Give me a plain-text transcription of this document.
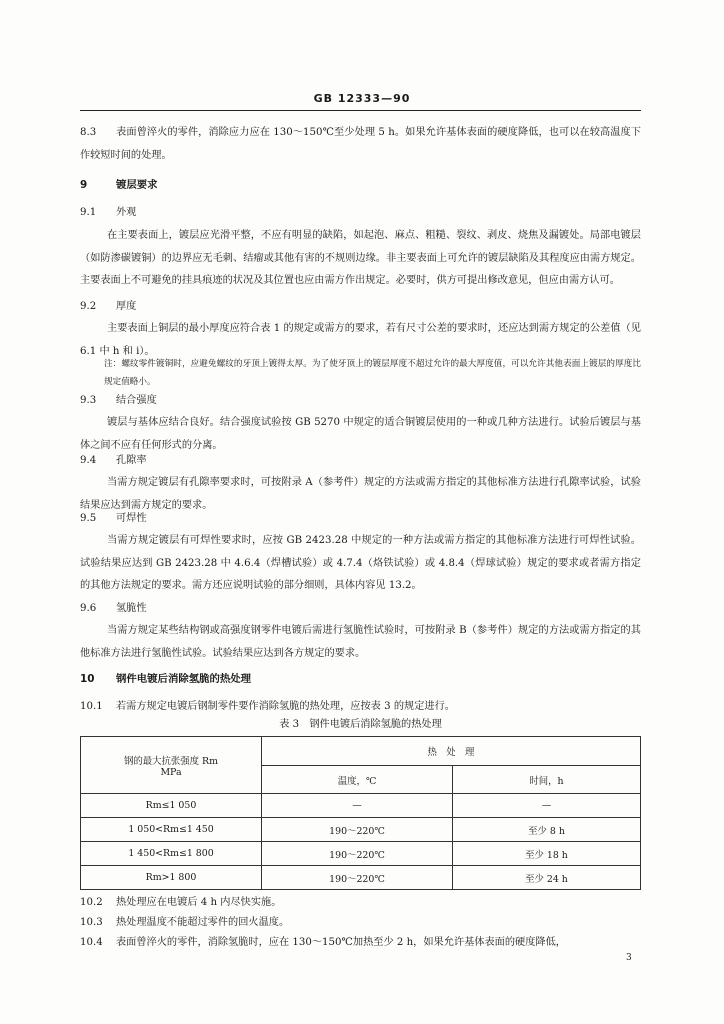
GB 12333—90
8.3 表面曾淬火的零件，消除应力应在 130～150℃至少处理 5 h。如果允许基体表面的硬度降低，也可以在较高温度下作较短时间的处理。
9	镀层要求
9.1 外观
在主要表面上，镀层应光滑平整，不应有明显的缺陷，如起泡、麻点、粗糙、裂纹、剥皮、烧焦及漏镀处。局部电镀层（如防渗碳镀铜）的边界应无毛刺、结瘤或其他有害的不规则边缘。非主要表面上可允许的镀层缺陷及其程度应由需方规定。主要表面上不可避免的挂具痕迹的状况及其位置也应由需方作出规定。必要时，供方可提出修改意见，但应由需方认可。
9.2 厚度
主要表面上铜层的最小厚度应符合表 1 的规定或需方的要求，若有尺寸公差的要求时，还应达到需方规定的公差值（见 6.1 中 h 和 i）。
注：螺纹零件镀铜时，应避免螺纹的牙顶上镀得太厚。为了使牙顶上的镀层厚度不超过允许的最大厚度值，可以允许其他表面上镀层的厚度比规定值略小。
9.3 结合强度
镀层与基体应结合良好。结合强度试验按 GB 5270 中规定的适合铜镀层使用的一种或几种方法进行。试验后镀层与基体之间不应有任何形式的分离。
9.4 孔隙率
当需方规定镀层有孔隙率要求时，可按附录 A（参考件）规定的方法或需方指定的其他标准方法进行孔隙率试验，试验结果应达到需方规定的要求。
9.5 可焊性
当需方规定镀层有可焊性要求时，应按 GB 2423.28 中规定的一种方法或需方指定的其他标准方法进行可焊性试验。试验结果应达到 GB 2423.28 中 4.6.4（焊槽试验）或 4.7.4（烙铁试验）或 4.8.4（焊球试验）规定的要求或者需方指定的其他方法规定的要求。需方还应说明试验的部分细则，具体内容见 13.2。
9.6 氢脆性
当需方规定某些结构钢或高强度钢零件电镀后需进行氢脆性试验时，可按附录 B（参考件）规定的方法或需方指定的其他标准方法进行氢脆性试验。试验结果应达到各方规定的要求。
10 钢件电镀后消除氢脆的热处理
10.1 若需方规定电镀后钢制零件要作消除氢脆的热处理，应按表 3 的规定进行。
表 3　钢件电镀后消除氢脆的热处理
钢的最大抗张强度 Rm
MPa	热　处　理	
	温度，℃	时间，h
Rm≤1 050	—	—
1 050<Rm≤1 450	190～220℃	至少 8 h
1 450<Rm≤1 800	190～220℃	至少 18 h
Rm>1 800	190～220℃	至少 24 h
10.2 热处理应在电镀后 4 h 内尽快实施。
10.3 热处理温度不能超过零件的回火温度。
10.4 表面曾淬火的零件，消除氢脆时，应在 130～150℃加热至少 2 h，如果允许基体表面的硬度降低，
3
